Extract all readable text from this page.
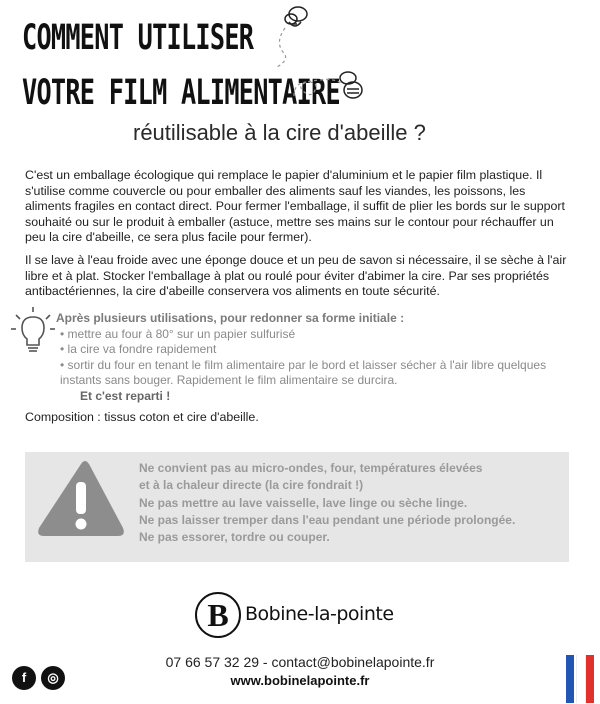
COMMENT UTILISER
VOTRE FILM ALIMENTAIRE
réutilisable à la cire d'abeille ?
C'est un emballage écologique qui remplace le papier d'aluminium et le papier film plastique. Il s'utilise comme couvercle ou pour emballer des aliments sauf les viandes, les poissons, les aliments fragiles en contact direct. Pour fermer l'emballage, il suffit de plier les bords sur le support souhaité ou sur le produit à emballer (astuce, mettre ses mains sur le contour pour réchauffer un peu la cire d'abeille, ce sera plus facile pour fermer).
Il se lave à l'eau froide avec une éponge douce et un peu de savon si nécessaire, il se sèche à l'air libre et à plat. Stocker l'emballage à plat ou roulé pour éviter d'abimer la cire. Par ses propriétés antibactériennes, la cire d'abeille conservera vos aliments en toute sécurité.
Après plusieurs utilisations, pour redonner sa forme initiale :
• mettre au four à 80° sur un papier sulfurisé
• la cire va fondre rapidement
• sortir du four en tenant le film alimentaire par le bord et laisser sécher à l'air libre quelques instants sans bouger. Rapidement le film alimentaire se durcira.
Et c'est reparti !
Composition : tissus coton et cire d'abeille.
Ne convient pas au micro-ondes, four, températures élevées
et à la chaleur directe (la cire fondrait !)
Ne pas mettre au lave vaisselle, lave linge ou sèche linge.
Ne pas laisser tremper dans l'eau pendant une période prolongée.
Ne pas essorer, tordre ou couper.
B Bobine-la-pointe
07 66 57 32 29 - contact@bobinelapointe.fr
www.bobinelapointe.fr
f	◎
